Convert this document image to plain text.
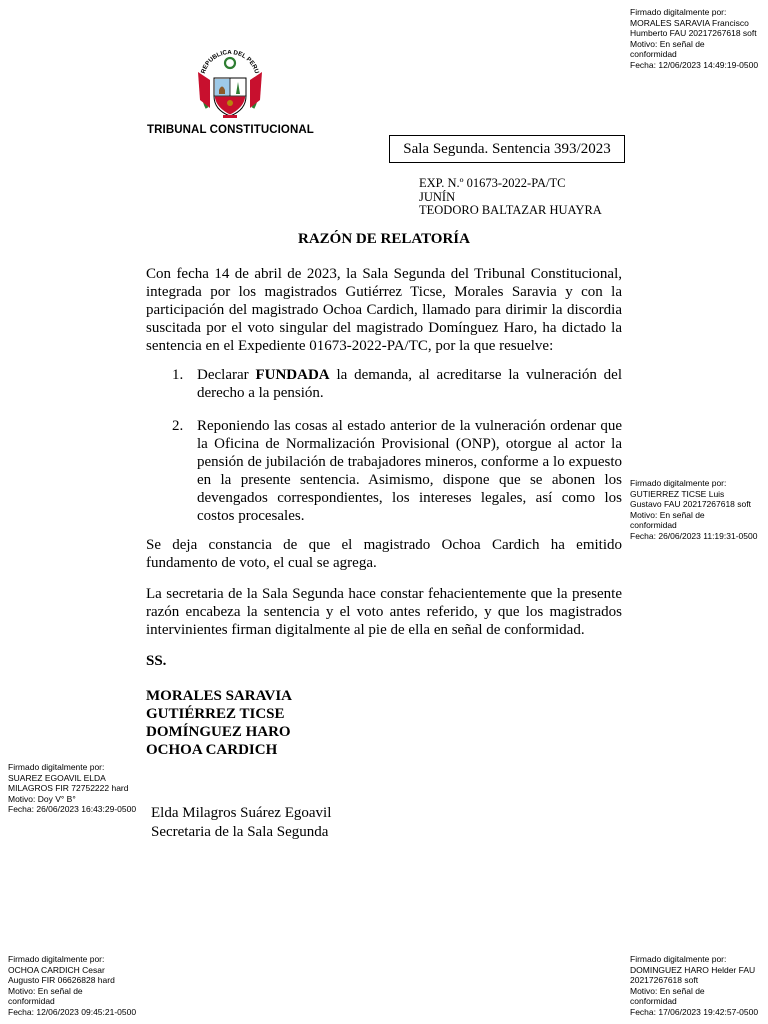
Firmado digitalmente por:
MORALES SARAVIA Francisco
Humberto FAU 20217267618 soft
Motivo: En señal de
conformidad
Fecha: 12/06/2023 14:49:19-0500
Firmado digitalmente por:
GUTIERREZ TICSE Luis
Gustavo FAU 20217267618 soft
Motivo: En señal de
conformidad
Fecha: 26/06/2023 11:19:31-0500
Firmado digitalmente por:
SUAREZ EGOAVIL ELDA
MILAGROS FIR 72752222 hard
Motivo: Doy V° B°
Fecha: 26/06/2023 16:43:29-0500
Firmado digitalmente por:
OCHOA CARDICH Cesar
Augusto FIR 06626828 hard
Motivo: En señal de
conformidad
Fecha: 12/06/2023 09:45:21-0500
Firmado digitalmente por:
DOMINGUEZ HARO Helder FAU
20217267618 soft
Motivo: En señal de
conformidad
Fecha: 17/06/2023 19:42:57-0500
REPUBLICA DEL PERU
TRIBUNAL CONSTITUCIONAL
Sala Segunda. Sentencia 393/2023
EXP. N.º 01673-2022-PA/TC
JUNÍN
TEODORO BALTAZAR HUAYRA
RAZÓN DE RELATORÍA
Con fecha 14 de abril de 2023, la Sala Segunda del Tribunal Constitucional, integrada por los magistrados Gutiérrez Ticse, Morales Saravia y con la participación del magistrado Ochoa Cardich, llamado para dirimir la discordia suscitada por el voto singular del magistrado Domínguez Haro, ha dictado la sentencia en el Expediente 01673-2022-PA/TC, por la que resuelve:
1. Declarar FUNDADA la demanda, al acreditarse la vulneración del derecho a la pensión.
2. Reponiendo las cosas al estado anterior de la vulneración ordenar que la Oficina de Normalización Provisional (ONP), otorgue al actor la pensión de jubilación de trabajadores mineros, conforme a lo expuesto en la presente sentencia. Asimismo, dispone que se abonen los devengados correspondientes, los intereses legales, así como los costos procesales.
Se deja constancia de que el magistrado Ochoa Cardich ha emitido fundamento de voto, el cual se agrega.
La secretaria de la Sala Segunda hace constar fehacientemente que la presente razón encabeza la sentencia y el voto antes referido, y que los magistrados intervinientes firman digitalmente al pie de ella en señal de conformidad.
SS.
MORALES SARAVIA
GUTIÉRREZ TICSE
DOMÍNGUEZ HARO
OCHOA CARDICH
Elda Milagros Suárez Egoavil
Secretaria de la Sala Segunda
